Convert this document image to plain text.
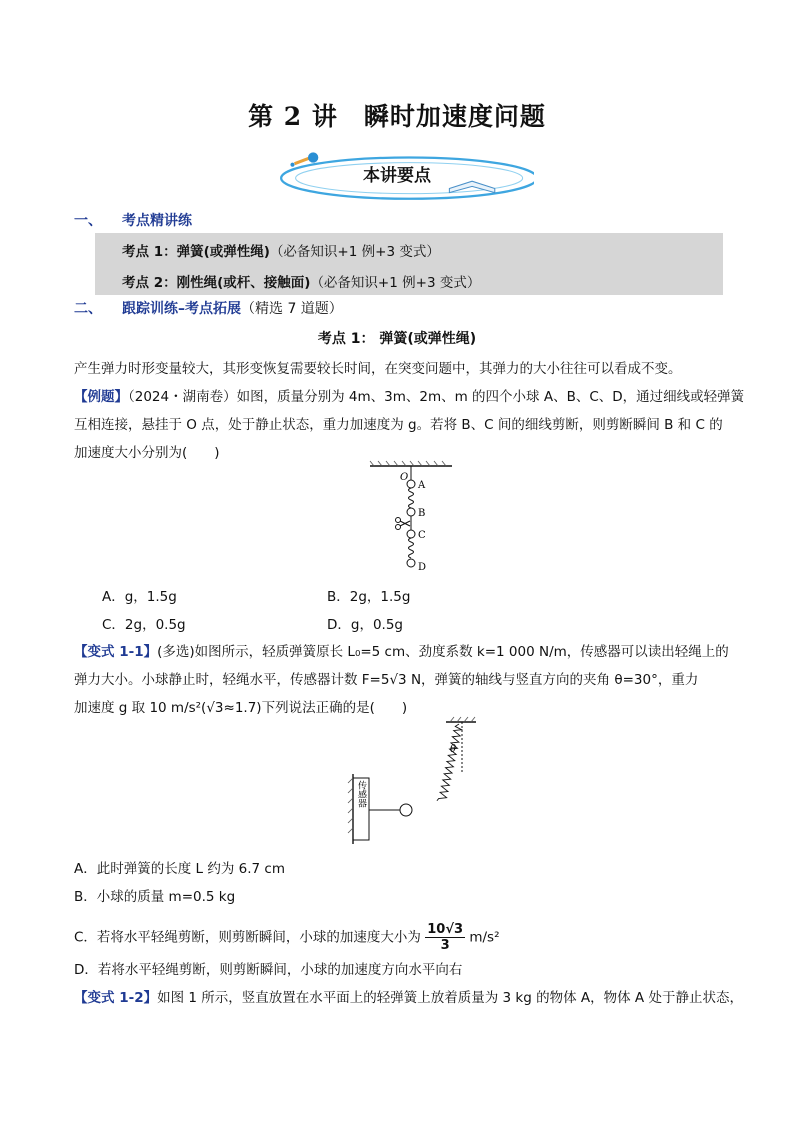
第 2 讲　瞬时加速度问题
本讲要点
一、 考点精讲练
考点 1：弹簧(或弹性绳)（必备知识+1 例+3 变式）
考点 2：刚性绳(或杆、接触面)（必备知识+1 例+3 变式）
二、 跟踪训练–考点拓展（精选 7 道题）
考点 1： 弹簧(或弹性绳)
产生弹力时形变量较大，其形变恢复需要较长时间，在突变问题中，其弹力的大小往往可以看成不变。
【例题】（2024・湖南卷）如图，质量分别为 4m、3m、2m、m 的四个小球 A、B、C、D，通过细线或轻弹簧
互相连接，悬挂于 O 点，处于静止状态，重力加速度为 g。若将 B、C 间的细线剪断，则剪断瞬间 B 和 C 的
加速度大小分别为(　　)
O
A
B
C
D
A．g，1.5g	B．2g，1.5g
C．2g，0.5g	D．g，0.5g
【变式 1-1】(多选)如图所示，轻质弹簧原长 L₀=5 cm、劲度系数 k=1 000 N/m，传感器可以读出轻绳上的
弹力大小。小球静止时，轻绳水平，传感器计数 F=5√3 N，弹簧的轴线与竖直方向的夹角 θ=30°，重力
加速度 g 取 10 m/s²(√3≈1.7)下列说法正确的是(　　)
θ
传感器
A．此时弹簧的长度 L 约为 6.7 cm
B．小球的质量 m=0.5 kg
C．若将水平轻绳剪断，则剪断瞬间，小球的加速度大小为 $\frac{10√3}{3} m/s^2$
D．若将水平轻绳剪断，则剪断瞬间，小球的加速度方向水平向右
【变式 1-2】如图 1 所示，竖直放置在水平面上的轻弹簧上放着质量为 3 kg 的物体 A，物体 A 处于静止状态，
